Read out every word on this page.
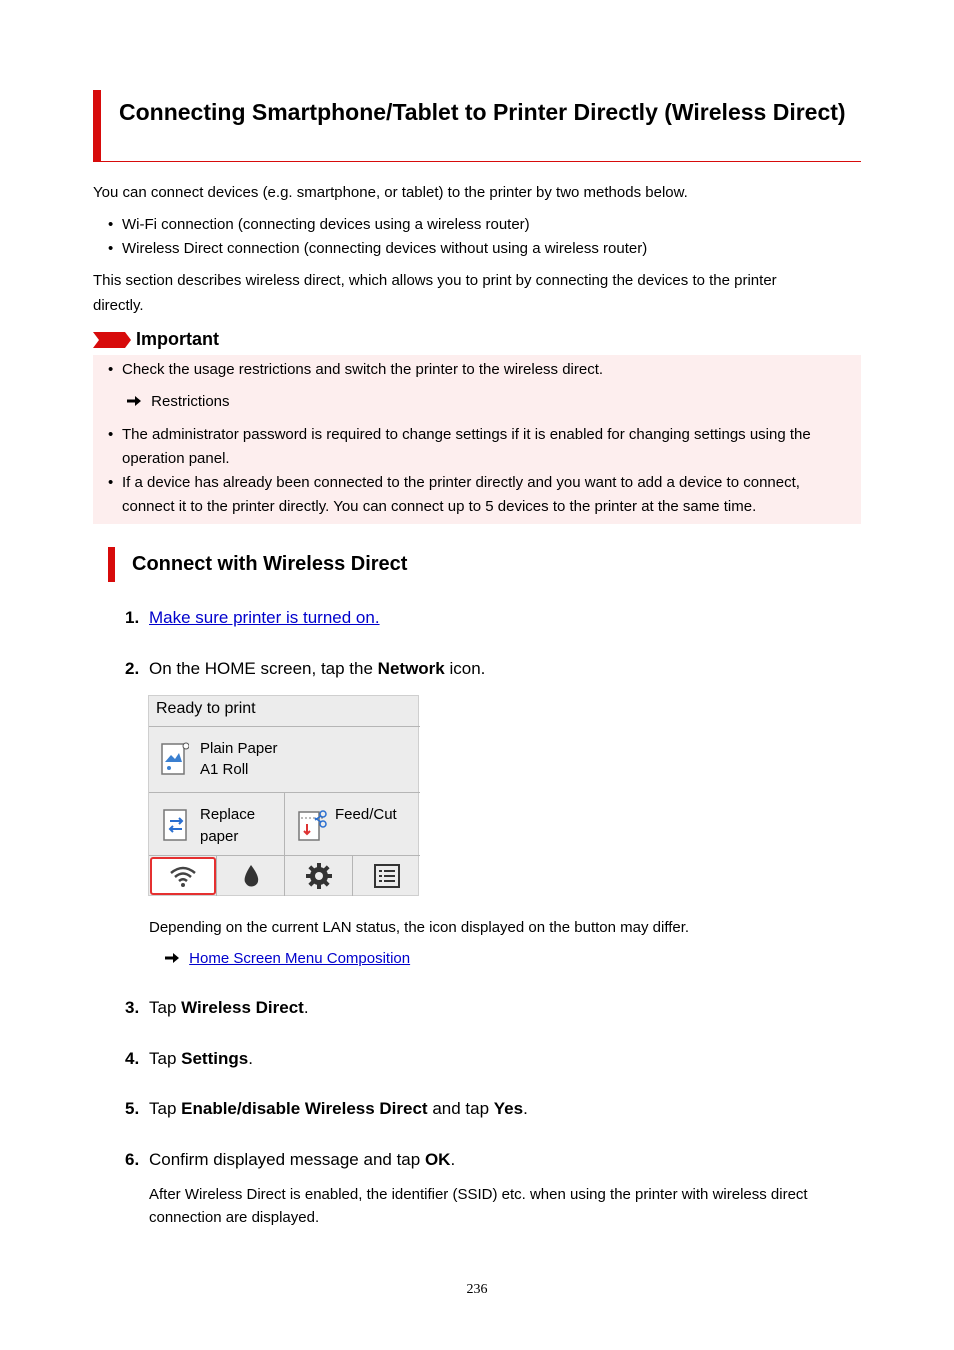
Connecting Smartphone/Tablet to Printer Directly (Wireless Direct)
You can connect devices (e.g. smartphone, or tablet) to the printer by two methods below.
• Wi-Fi connection (connecting devices using a wireless router)
• Wireless Direct connection (connecting devices without using a wireless router)
This section describes wireless direct, which allows you to print by connecting the devices to the printer
directly.
Important
• Check the usage restrictions and switch the printer to the wireless direct.
Restrictions
• The administrator password is required to change settings if it is enabled for changing settings using the
operation panel.
• If a device has already been connected to the printer directly and you want to add a device to connect,
connect it to the printer directly. You can connect up to 5 devices to the printer at the same time.
Connect with Wireless Direct
1. Make sure printer is turned on.
2. On the HOME screen, tap the Network icon.
Ready to print
Plain Paper
A1 Roll
Replace
paper
Feed/Cut
Depending on the current LAN status, the icon displayed on the button may differ.
Home Screen Menu Composition
3. Tap Wireless Direct.
4. Tap Settings.
5. Tap Enable/disable Wireless Direct and tap Yes.
6. Confirm displayed message and tap OK.
After Wireless Direct is enabled, the identifier (SSID) etc. when using the printer with wireless direct
connection are displayed.
236
